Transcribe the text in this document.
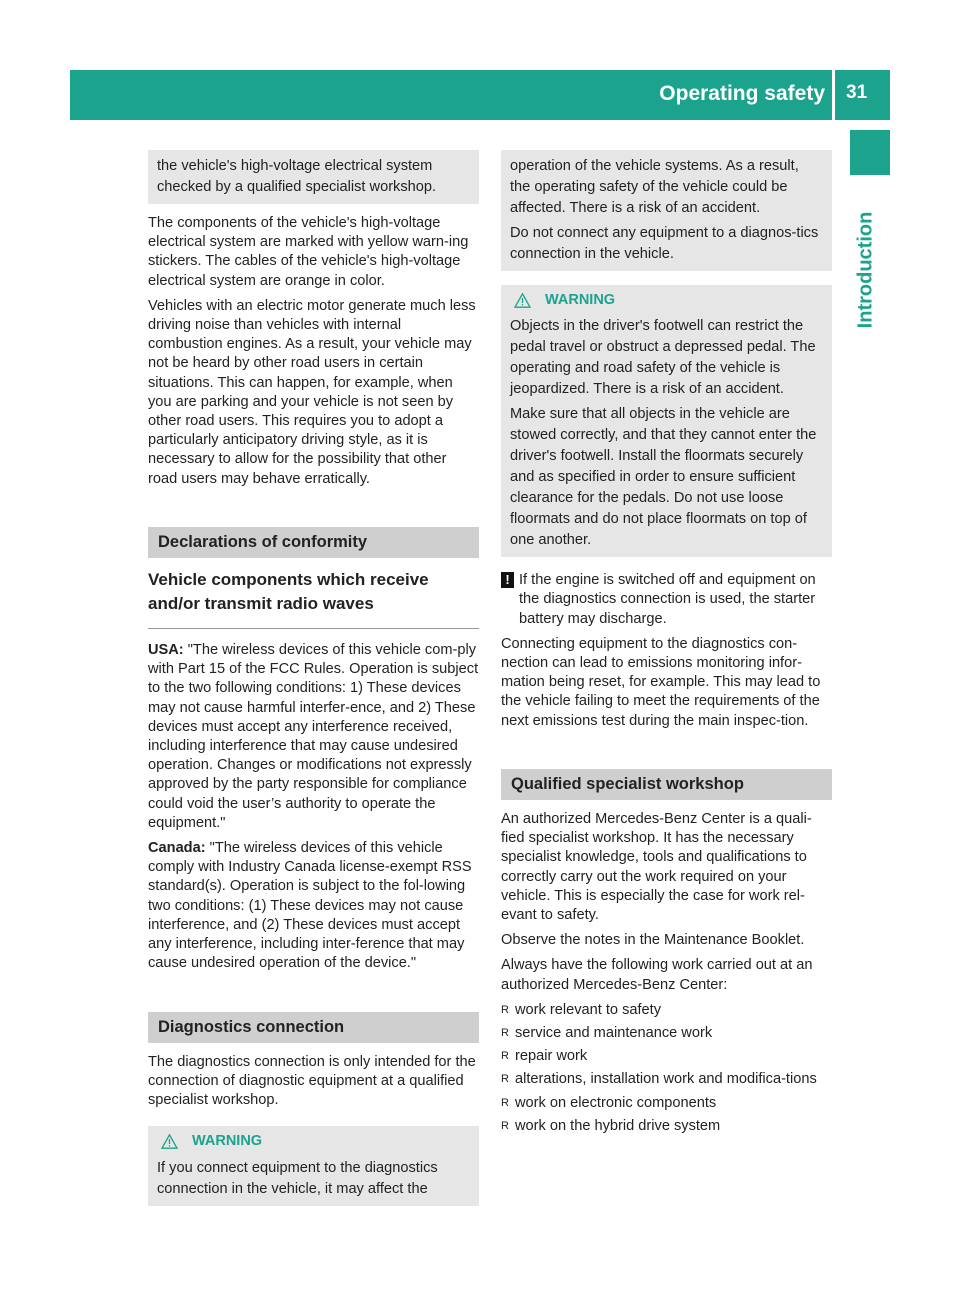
Operating safety 31
Introduction

the vehicle's high-voltage electrical system checked by a qualified specialist workshop.

The components of the vehicle's high-voltage electrical system are marked with yellow warn-ing stickers. The cables of the vehicle's high-voltage electrical system are orange in color.

Vehicles with an electric motor generate much less driving noise than vehicles with internal combustion engines. As a result, your vehicle may not be heard by other road users in certain situations. This can happen, for example, when you are parking and your vehicle is not seen by other road users. This requires you to adopt a particularly anticipatory driving style, as it is necessary to allow for the possibility that other road users may behave erratically.

Declarations of conformity
Vehicle components which receive and/or transmit radio waves

USA: "The wireless devices of this vehicle com-ply with Part 15 of the FCC Rules. Operation is subject to the two following conditions: 1) These devices may not cause harmful interfer-ence, and 2) These devices must accept any interference received, including interference that may cause undesired operation. Changes or modifications not expressly approved by the party responsible for compliance could void the user’s authority to operate the equipment."

Canada: "The wireless devices of this vehicle comply with Industry Canada license-exempt RSS standard(s). Operation is subject to the fol-lowing two conditions: (1) These devices may not cause interference, and (2) These devices must accept any interference, including inter-ference that may cause undesired operation of the device."

Diagnostics connection

The diagnostics connection is only intended for the connection of diagnostic equipment at a qualified specialist workshop.

WARNING

If you connect equipment to the diagnostics connection in the vehicle, it may affect the

operation of the vehicle systems. As a result, the operating safety of the vehicle could be affected. There is a risk of an accident.

Do not connect any equipment to a diagnos-tics connection in the vehicle.

WARNING

Objects in the driver's footwell can restrict the pedal travel or obstruct a depressed pedal. The operating and road safety of the vehicle is jeopardized. There is a risk of an accident.

Make sure that all objects in the vehicle are stowed correctly, and that they cannot enter the driver's footwell. Install the floormats securely and as specified in order to ensure sufficient clearance for the pedals. Do not use loose floormats and do not place floormats on top of one another.

! If the engine is switched off and equipment on the diagnostics connection is used, the starter battery may discharge.

Connecting equipment to the diagnostics con-nection can lead to emissions monitoring infor-mation being reset, for example. This may lead to the vehicle failing to meet the requirements of the next emissions test during the main inspec-tion.

Qualified specialist workshop

An authorized Mercedes-Benz Center is a quali-fied specialist workshop. It has the necessary specialist knowledge, tools and qualifications to correctly carry out the work required on your vehicle. This is especially the case for work rel-evant to safety.

Observe the notes in the Maintenance Booklet.

Always have the following work carried out at an authorized Mercedes-Benz Center:

R work relevant to safety
R service and maintenance work
R repair work
R alterations, installation work and modifica-tions
R work on electronic components
R work on the hybrid drive system
